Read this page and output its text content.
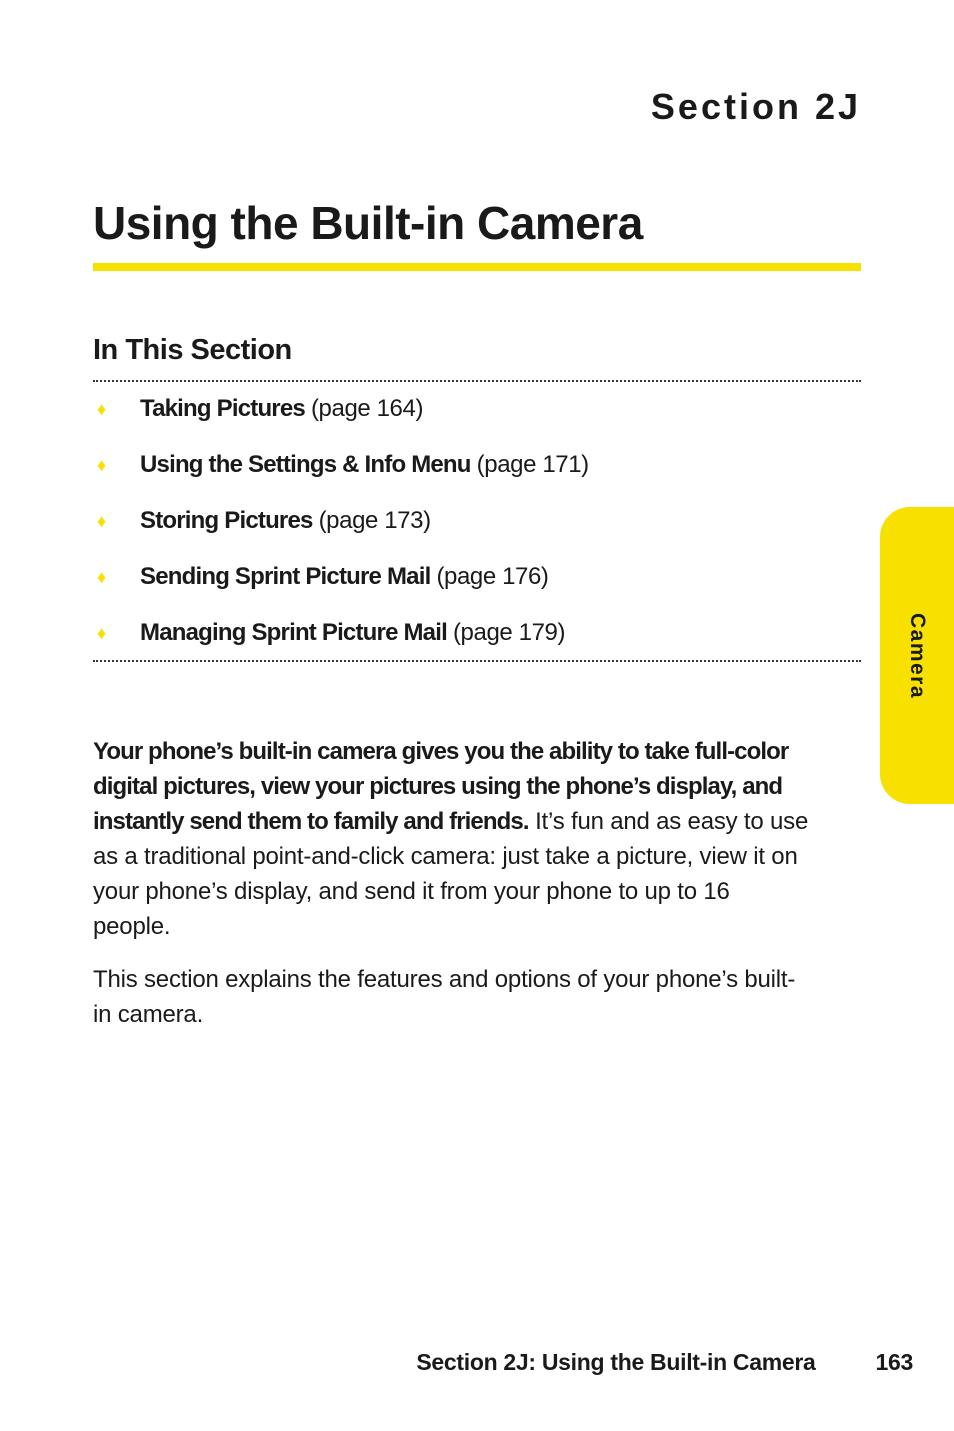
Section 2J
Using the Built-in Camera
In This Section
♦	Taking Pictures (page 164)
♦	Using the Settings & Info Menu (page 171)
♦	Storing Pictures (page 173)
♦	Sending Sprint Picture Mail (page 176)
♦	Managing Sprint Picture Mail (page 179)

Your phone’s built-in camera gives you the ability to take full-color digital pictures, view your pictures using the phone’s display, and instantly send them to family and friends. It’s fun and as easy to use as a traditional point-and-click camera: just take a picture, view it on your phone’s display, and send it from your phone to up to 16 people.

This section explains the features and options of your phone’s built-in camera.

Camera
Section 2J: Using the Built-in Camera	163
